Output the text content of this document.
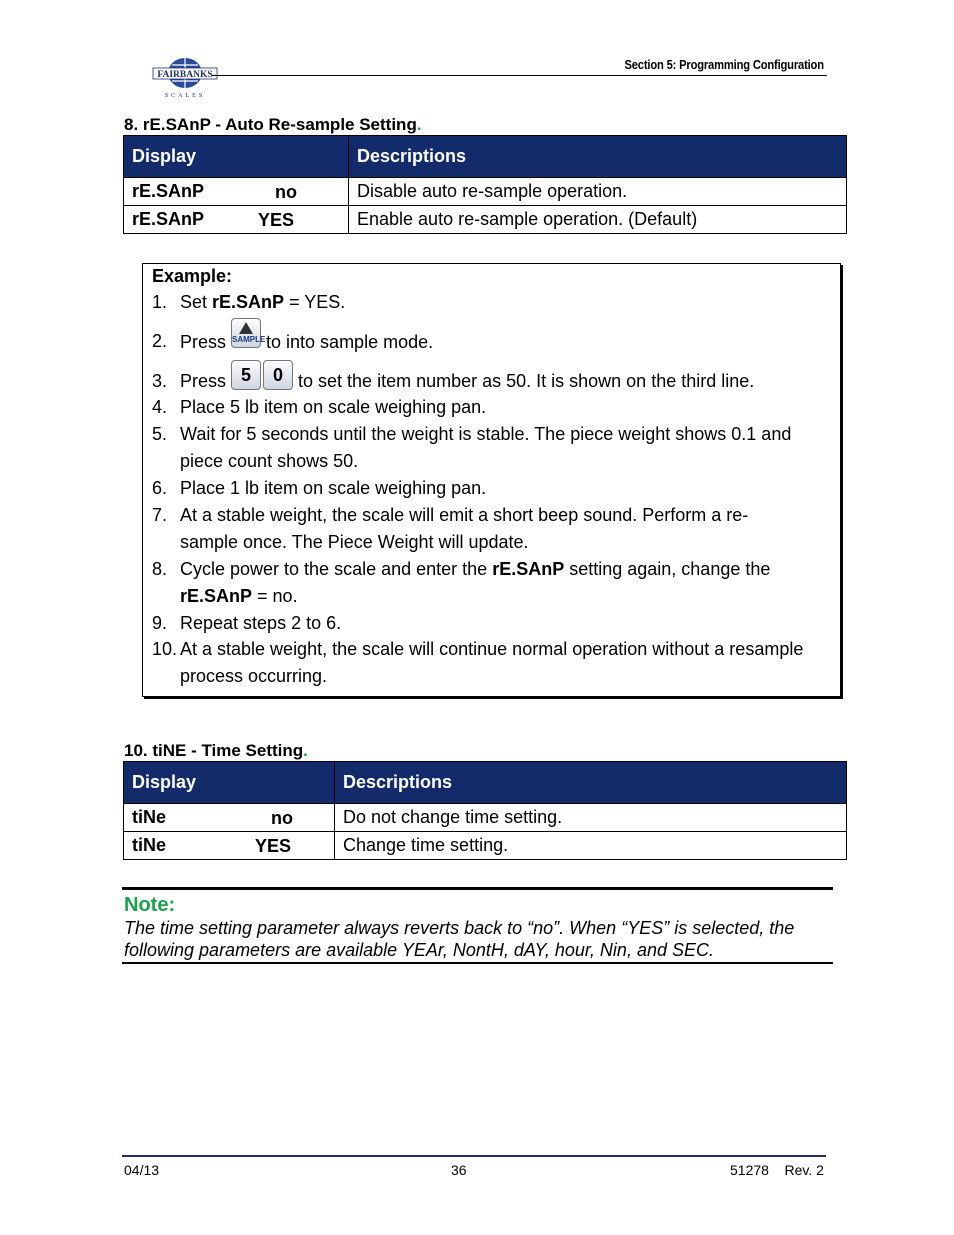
FAIRBANKS
SCALES
Section 5: Programming Configuration
8. rE.SAnP - Auto Re-sample Setting.
Display	Descriptions
rE.SAnP no	Disable auto re-sample operation.
rE.SAnP YES	Enable auto re-sample operation. (Default)
Example:
1. Set rE.SAnP = YES.
2. Press
SAMPLE to into sample mode.
3. Press 5 0 to set the item number as 50. It is shown on the third line.
4. Place 5 lb item on scale weighing pan.
5. Wait for 5 seconds until the weight is stable. The piece weight shows 0.1 and
piece count shows 50.
6. Place 1 lb item on scale weighing pan.
7. At a stable weight, the scale will emit a short beep sound. Perform a re-
sample once. The Piece Weight will update.
8. Cycle power to the scale and enter the rE.SAnP setting again, change the
rE.SAnP = no.
9. Repeat steps 2 to 6.
10. At a stable weight, the scale will continue normal operation without a resample
process occurring.
10. tiNE - Time Setting.
Display	Descriptions
tiNe no	Do not change time setting.
tiNe YES	Change time setting.
Note:
The time setting parameter always reverts back to “no”. When “YES” is selected, the
following parameters are available YEAr, NontH, dAY, hour, Nin, and SEC.
04/13	36	51278    Rev. 2
